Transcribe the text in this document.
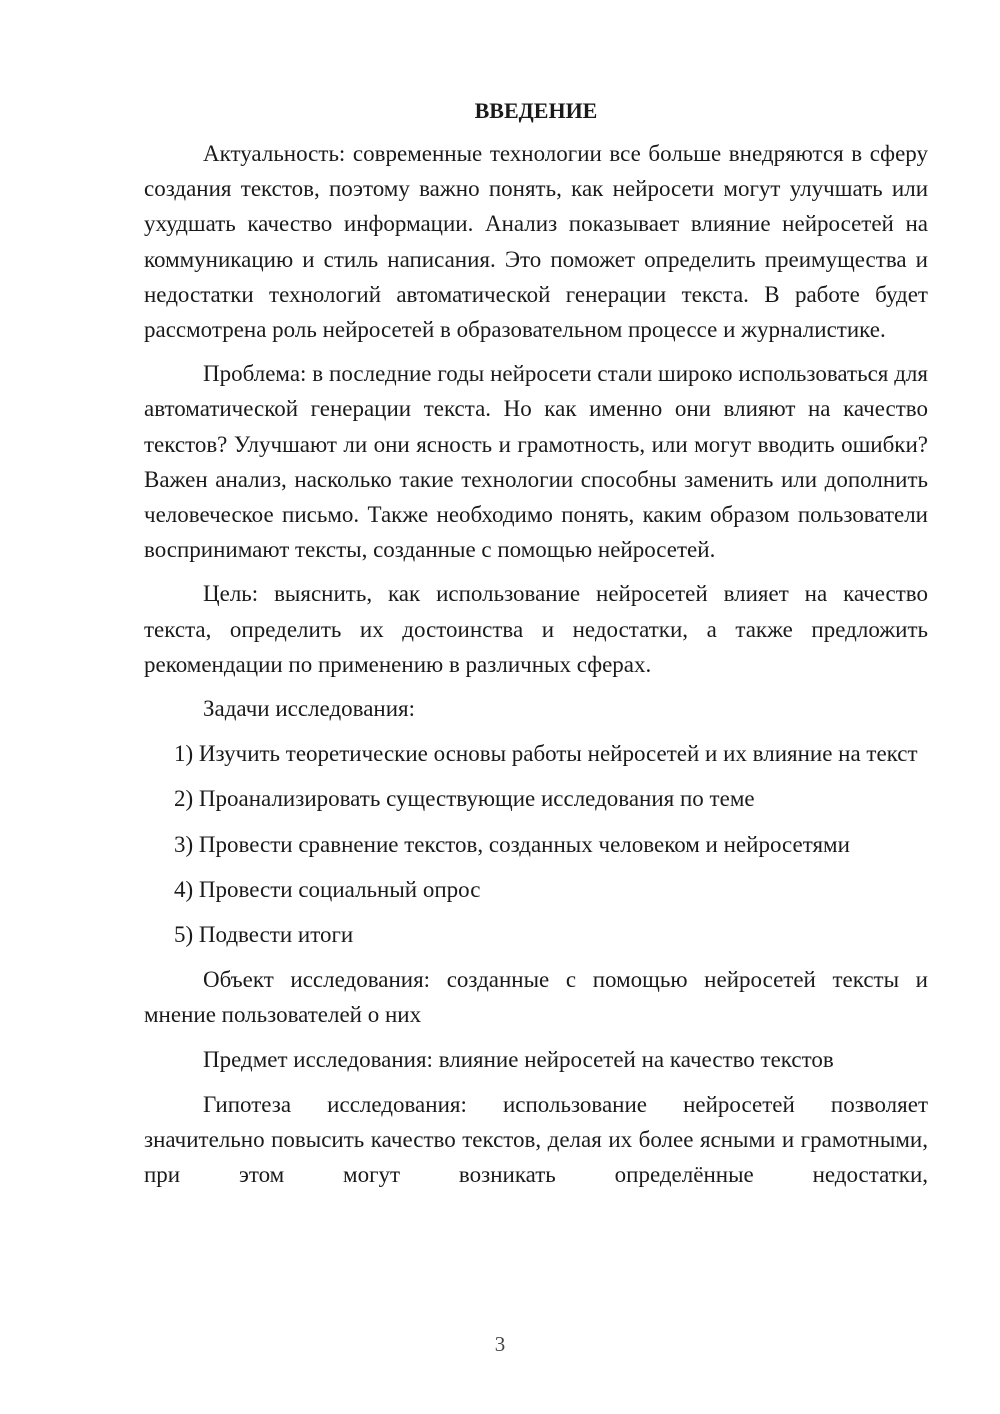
ВВЕДЕНИЕ

Актуальность: современные технологии все больше внедряются в сферу создания текстов, поэтому важно понять, как нейросети могут улучшать или ухудшать качество информации. Анализ показывает влияние нейросетей на коммуникацию и стиль написания. Это поможет определить преимущества и недостатки технологий автоматической генерации текста. В работе будет рассмотрена роль нейросетей в образовательном процессе и журналистике.

Проблема: в последние годы нейросети стали широко использоваться для автоматической генерации текста. Но как именно они влияют на качество текстов? Улучшают ли они ясность и грамотность, или могут вводить ошибки? Важен анализ, насколько такие технологии способны заменить или дополнить человеческое письмо. Также необходимо понять, каким образом пользователи воспринимают тексты, созданные с помощью нейросетей.

Цель: выяснить, как использование нейросетей влияет на качество текста, определить их достоинства и недостатки, а также предложить рекомендации по применению в различных сферах.

Задачи исследования:

1) Изучить теоретические основы работы нейросетей и их влияние на текст

2) Проанализировать существующие исследования по теме

3) Провести сравнение текстов, созданных человеком и нейросетями

4) Провести социальный опрос

5) Подвести итоги

Объект исследования: созданные с помощью нейросетей тексты и мнение пользователей о них

Предмет исследования: влияние нейросетей на качество текстов

Гипотеза исследования: использование нейросетей позволяет значительно повысить качество текстов, делая их более ясными и грамотными, при этом могут возникать определённые недостатки,

3
